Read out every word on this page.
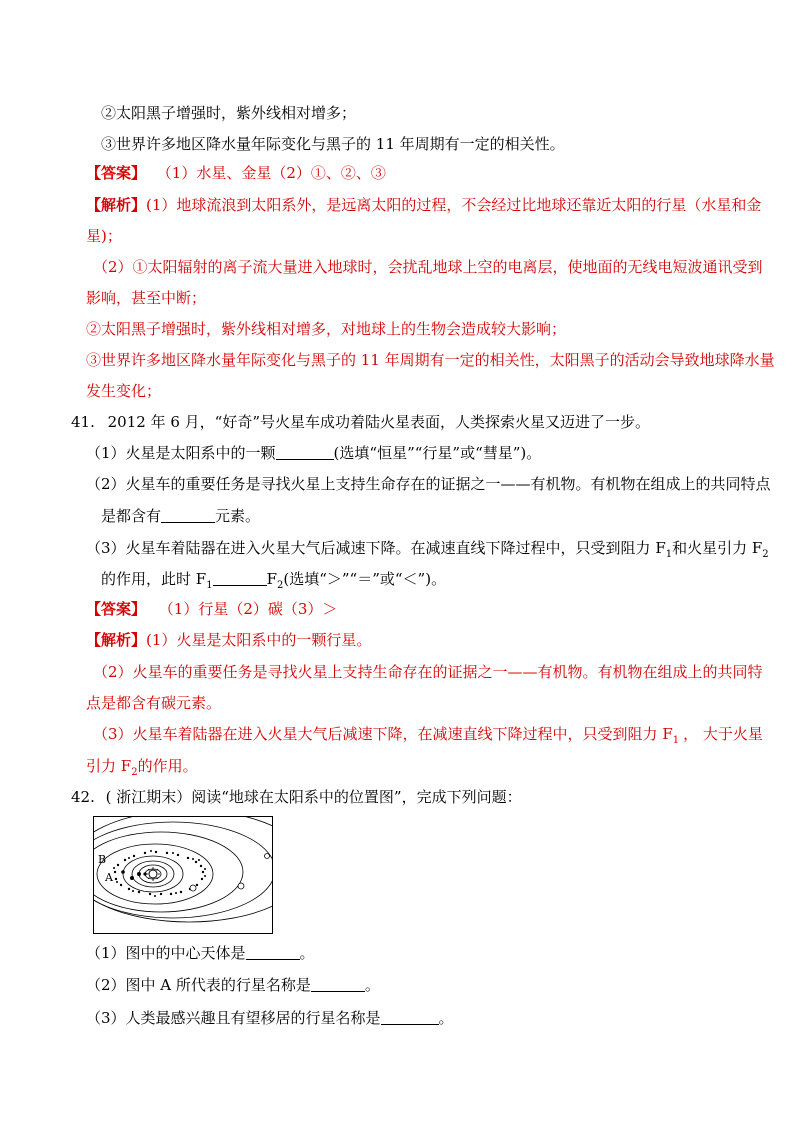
②太阳黑子增强时，紫外线相对增多；
③世界许多地区降水量年际变化与黑子的 11 年周期有一定的相关性。
【答案】 （1）水星、金星（2）①、②、③
【解析】(1）地球流浪到太阳系外，是远离太阳的过程，不会经过比地球还靠近太阳的行星（水星和金
星)；
（2）①太阳辐射的离子流大量进入地球时，会扰乱地球上空的电离层，使地面的无线电短波通讯受到
影响，甚至中断；
②太阳黑子增强时，紫外线相对增多，对地球上的生物会造成较大影响；
③世界许多地区降水量年际变化与黑子的 11 年周期有一定的相关性，太阳黑子的活动会导致地球降水量
发生变化；
41. 2012 年 6 月，“好奇”号火星车成功着陆火星表面，人类探索火星又迈进了一步。
（1）火星是太阳系中的一颗	(选填“恒星”“行星”或“彗星”)。
（2）火星车的重要任务是寻找火星上支持生命存在的证据之一——有机物。有机物在组成上的共同特点
是都含有	元素。
（3）火星车着陆器在进入火星大气后减速下降。在减速直线下降过程中，只受到阻力 $F_1$和火星引力 $F_2$
的作用，此时 $F_1$	$F_2$(选填“＞”“＝”或“＜”)。
【答案】 （1）行星（2）碳（3）＞
【解析】(1）火星是太阳系中的一颗行星。
（2）火星车的重要任务是寻找火星上支持生命存在的证据之一——有机物。有机物在组成上的共同特
点是都含有碳元素。
（3）火星车着陆器在进入火星大气后减速下降，在减速直线下降过程中，只受到阻力 $F_1$ ， 大于火星
引力 $F_2$的作用。
42. ( 浙江期末）阅读“地球在太阳系中的位置图”，完成下列问题：
B
A
（1）图中的中心天体是	。
（2）图中 A 所代表的行星名称是	。
（3）人类最感兴趣且有望移居的行星名称是	。
